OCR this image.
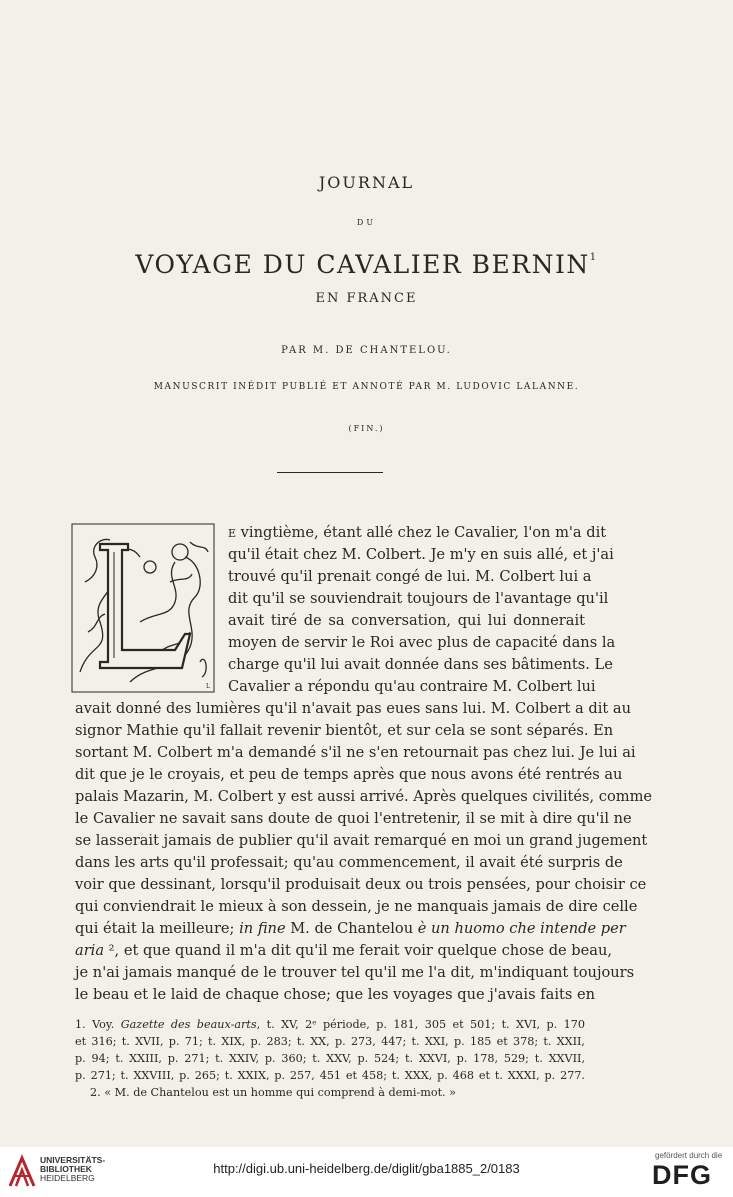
JOURNAL
DU
VOYAGE DU CAVALIER BERNIN$^1$
EN FRANCE
PAR M. DE CHANTELOU.
MANUSCRIT INÉDIT PUBLIÉ ET ANNOTÉ PAR M. LUDOVIC LALANNE.
(FIN.)
L
E vingtième, étant allé chez le Cavalier, l'on m'a dit
qu'il était chez M. Colbert. Je m'y en suis allé, et j'ai
trouvé qu'il prenait congé de lui. M. Colbert lui a
dit qu'il se souviendrait toujours de l'avantage qu'il
avait tiré de sa conversation, qui lui donnerait
moyen de servir le Roi avec plus de capacité dans la
charge qu'il lui avait donnée dans ses bâtiments. Le
Cavalier a répondu qu'au contraire M. Colbert lui
avait donné des lumières qu'il n'avait pas eues sans lui. M. Colbert a dit au
signor Mathie qu'il fallait revenir bientôt, et sur cela se sont séparés. En
sortant M. Colbert m'a demandé s'il ne s'en retournait pas chez lui. Je lui ai
dit que je le croyais, et peu de temps après que nous avons été rentrés au
palais Mazarin, M. Colbert y est aussi arrivé. Après quelques civilités, comme
le Cavalier ne savait sans doute de quoi l'entretenir, il se mit à dire qu'il ne
se lasserait jamais de publier qu'il avait remarqué en moi un grand jugement
dans les arts qu'il professait; qu'au commencement, il avait été surpris de
voir que dessinant, lorsqu'il produisait deux ou trois pensées, pour choisir ce
qui conviendrait le mieux à son dessein, je ne manquais jamais de dire celle
qui était la meilleure; in fine M. de Chantelou è un huomo che intende per
aria ², et que quand il m'a dit qu'il me ferait voir quelque chose de beau,
je n'ai jamais manqué de le trouver tel qu'il me l'a dit, m'indiquant toujours
le beau et le laid de chaque chose; que les voyages que j'avais faits en
1. Voy. Gazette des beaux-arts, t. XV, 2ᵉ période, p. 181, 305 et 501; t. XVI, p. 170
et 316; t. XVII, p. 71; t. XIX, p. 283; t. XX, p. 273, 447; t. XXI, p. 185 et 378; t. XXII,
p. 94; t. XXIII, p. 271; t. XXIV, p. 360; t. XXV, p. 524; t. XXVI, p. 178, 529; t. XXVII,
p. 271; t. XXVIII, p. 265; t. XXIX, p. 257, 451 et 458; t. XXX, p. 468 et t. XXXI, p. 277.
2. « M. de Chantelou est un homme qui comprend à demi-mot. »
UNIVERSITÄTS-
BIBLIOTHEK
HEIDELBERG
http://digi.ub.uni-heidelberg.de/diglit/gba1885_2/0183
gefördert durch die
DFG
